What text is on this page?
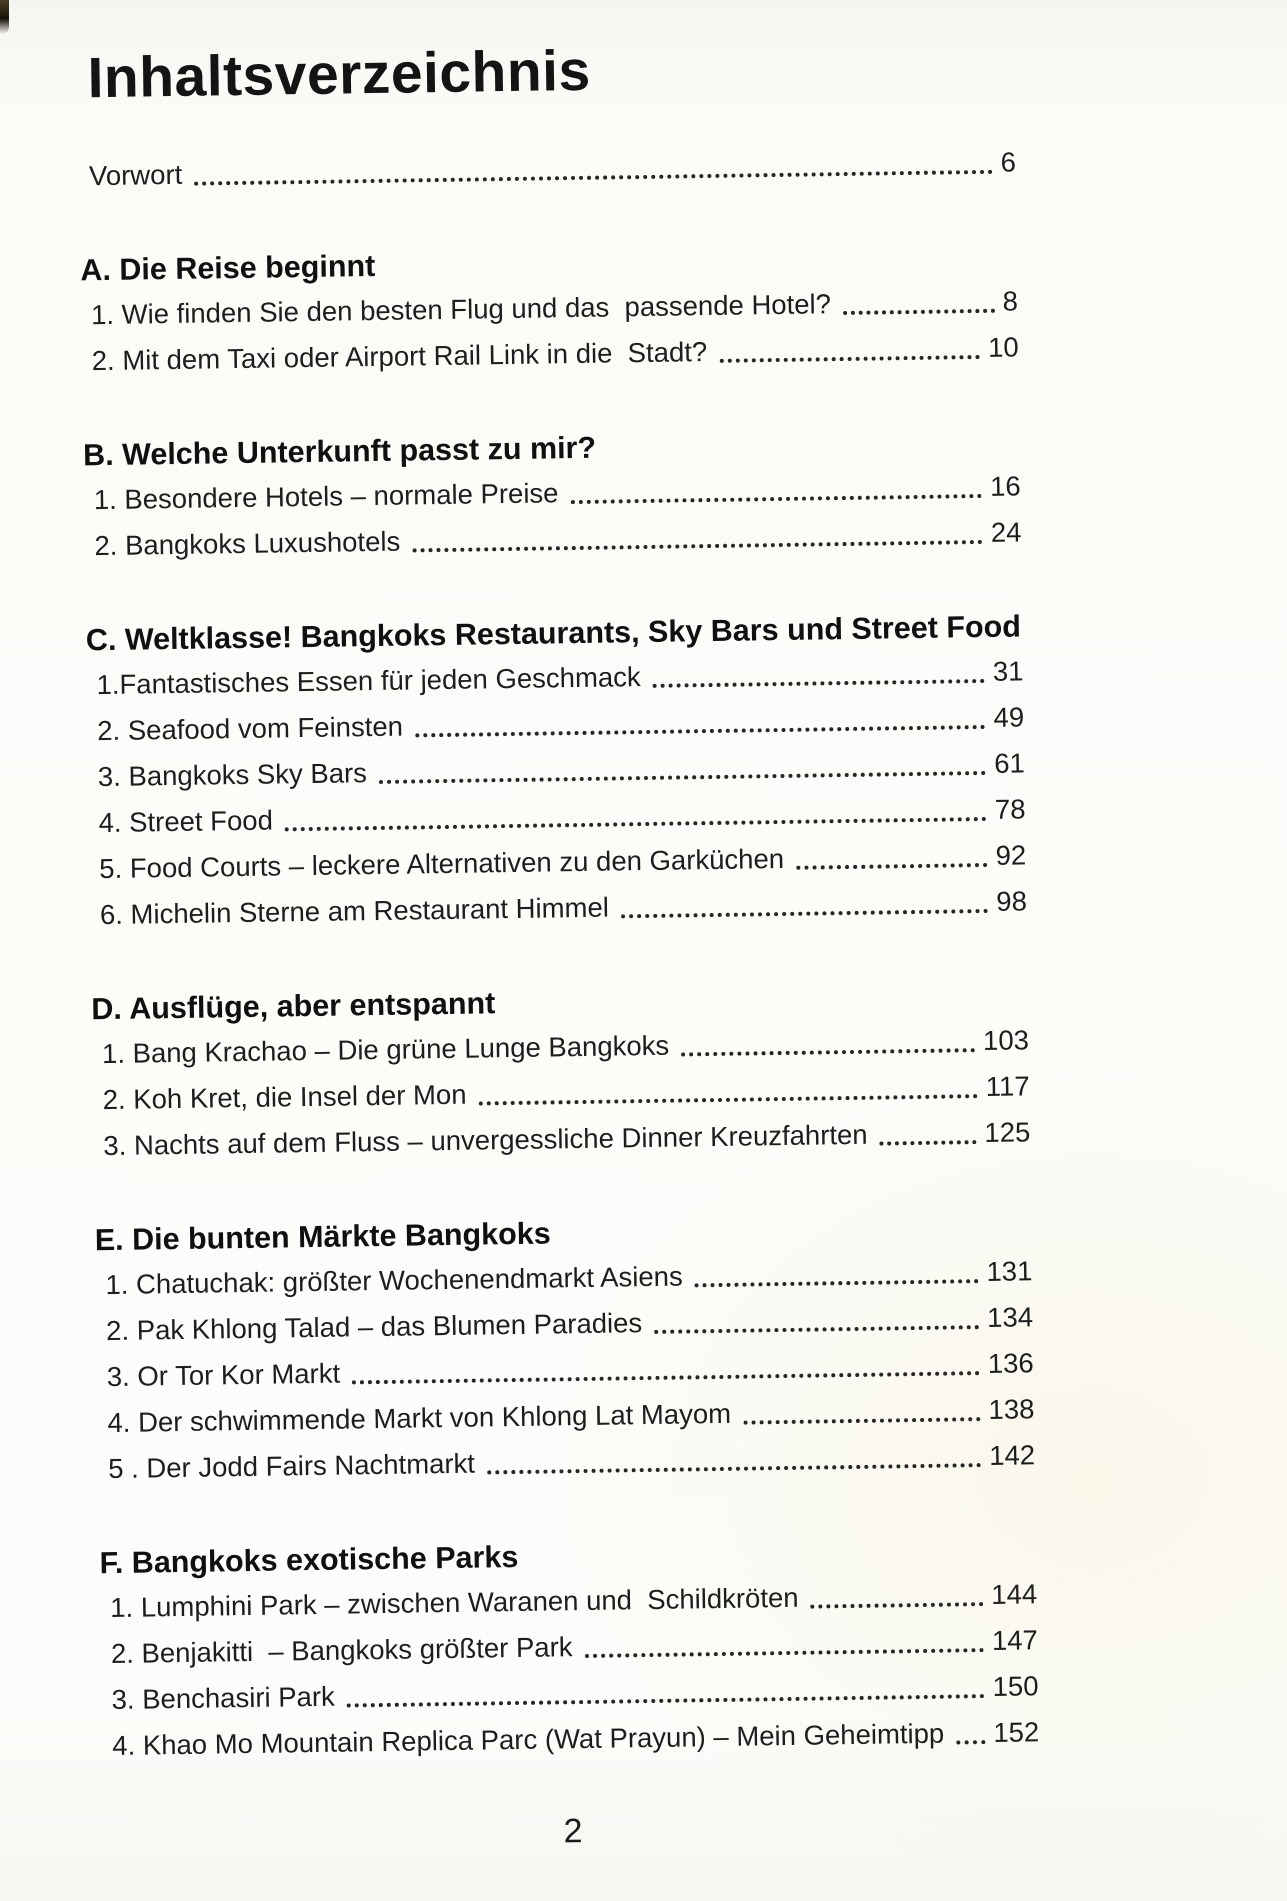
Inhaltsverzeichnis
Vorwort	6
A. Die Reise beginnt
1. Wie finden Sie den besten Flug und das  passende Hotel?	8
2. Mit dem Taxi oder Airport Rail Link in die  Stadt?	10
B. Welche Unterkunft passt zu mir?
1. Besondere Hotels – normale Preise	16
2. Bangkoks Luxushotels	24
C. Weltklasse! Bangkoks Restaurants, Sky Bars und Street Food
1.Fantastisches Essen für jeden Geschmack	31
2. Seafood vom Feinsten	49
3. Bangkoks Sky Bars	61
4. Street Food	78
5. Food Courts – leckere Alternativen zu den Garküchen	92
6. Michelin Sterne am Restaurant Himmel	98
D. Ausflüge, aber entspannt
1. Bang Krachao – Die grüne Lunge Bangkoks	103
2. Koh Kret, die Insel der Mon	117
3. Nachts auf dem Fluss – unvergessliche Dinner Kreuzfahrten	125
E. Die bunten Märkte Bangkoks
1. Chatuchak: größter Wochenendmarkt Asiens	131
2. Pak Khlong Talad – das Blumen Paradies	134
3. Or Tor Kor Markt	136
4. Der schwimmende Markt von Khlong Lat Mayom	138
5 . Der Jodd Fairs Nachtmarkt	142
F. Bangkoks exotische Parks
1. Lumphini Park – zwischen Waranen und  Schildkröten	144
2. Benjakitti  – Bangkoks größter Park	147
3. Benchasiri Park	150
4. Khao Mo Mountain Replica Parc (Wat Prayun) – Mein Geheimtipp 152
2
